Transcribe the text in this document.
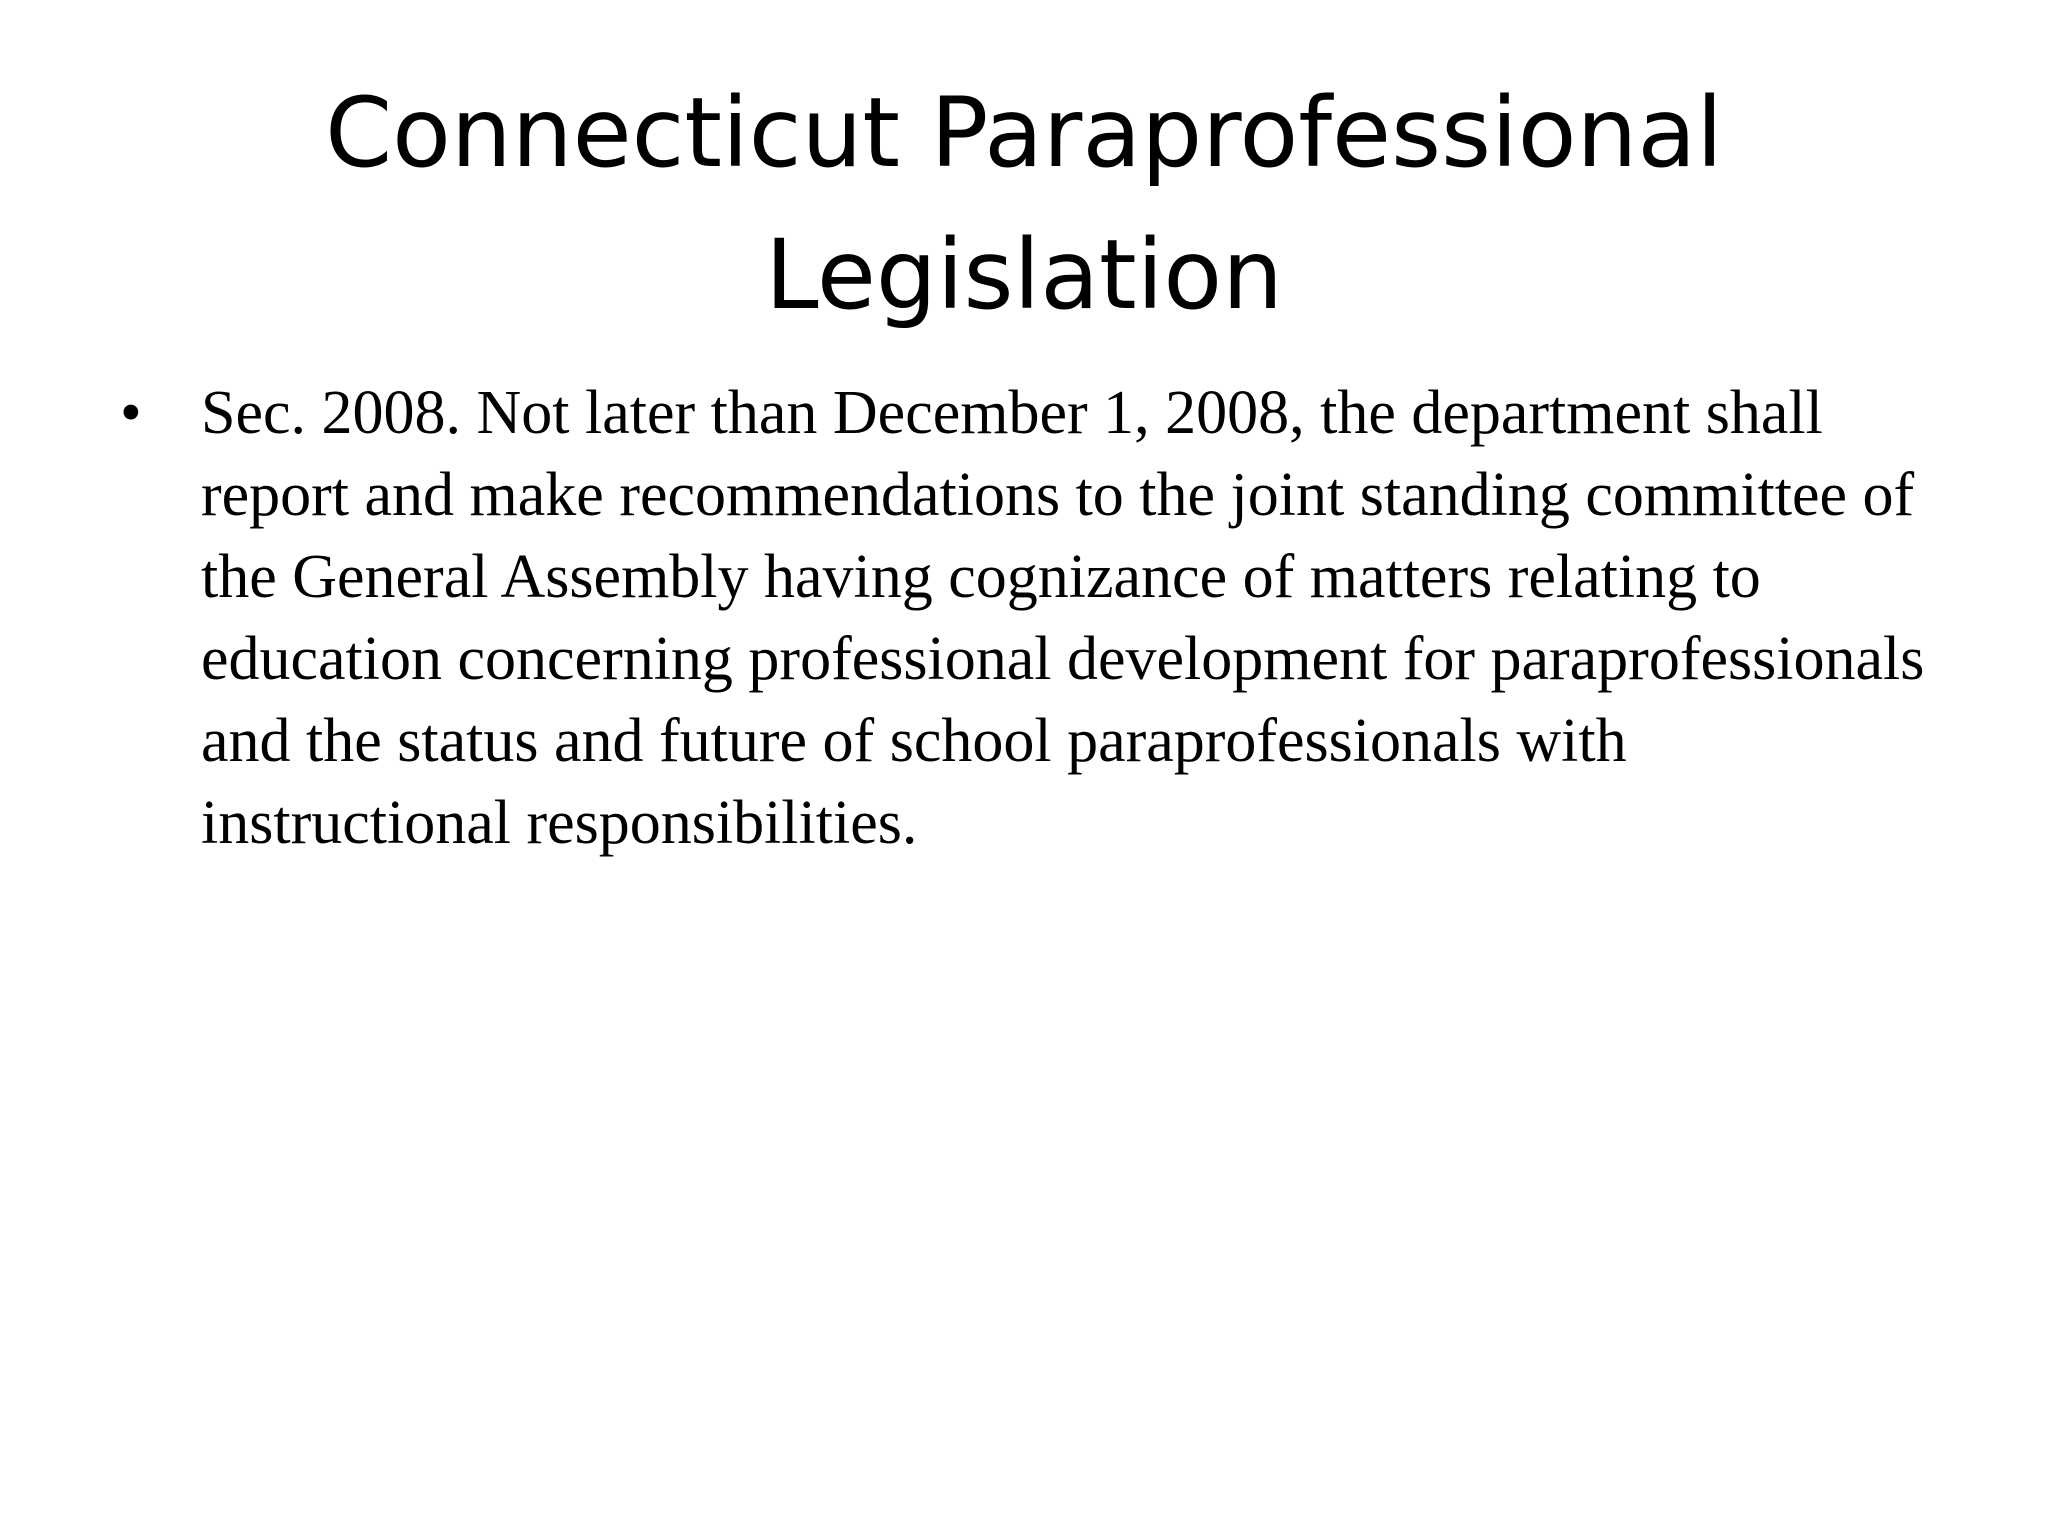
Connecticut Paraprofessional Legislation
• Sec. 2008. Not later than December 1, 2008, the department shall report and make recommendations to the joint standing committee of the General Assembly having cognizance of matters relating to education concerning professional development for paraprofessionals and the status and future of school paraprofessionals with instructional responsibilities.
